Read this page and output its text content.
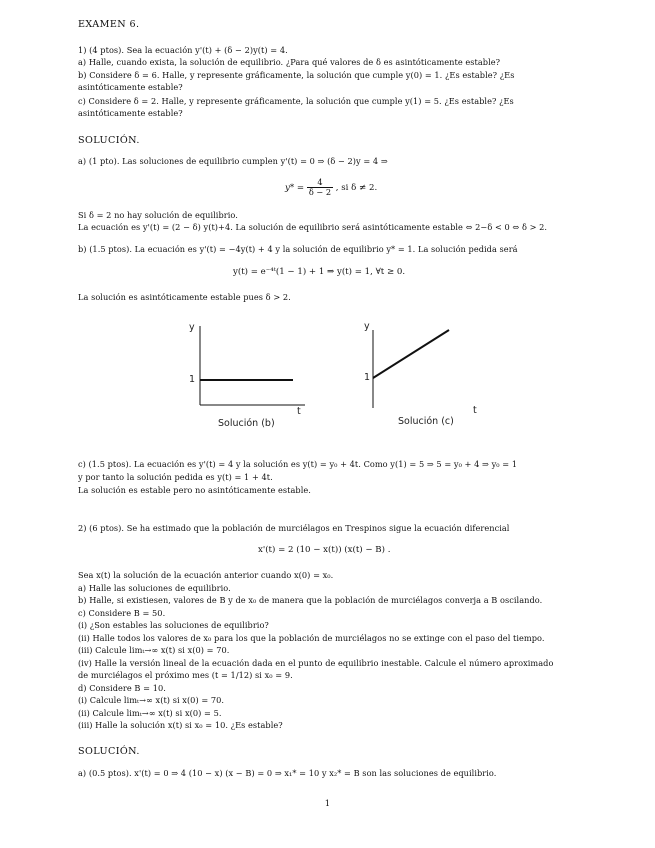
EXAMEN 6.
1) (4 ptos). Sea la ecuación y'(t) + (δ − 2)y(t) = 4.
a) Halle, cuando exista, la solución de equilibrio. ¿Para qué valores de δ es asintóticamente estable?
b) Considere δ = 6. Halle, y represente gráficamente, la solución que cumple y(0) = 1. ¿Es estable? ¿Es
asintóticamente estable?
c) Considere δ = 2. Halle, y represente gráficamente, la solución que cumple y(1) = 5. ¿Es estable? ¿Es
asintóticamente estable?
SOLUCIÓN.
a) (1 pto). Las soluciones de equilibrio cumplen y'(t) = 0 ⇒ (δ − 2)y = 4 ⇒
$y* = \frac{4}{\delta - 2}$ , si δ ≠ 2.
Si δ = 2 no hay solución de equilibrio.
La ecuación es y'(t) = (2 − δ) y(t)+4. La solución de equilibrio será asintóticamente estable ⇔ 2−δ < 0 ⇔ δ > 2.
b) (1.5 ptos). La ecuación es y'(t) = −4y(t) + 4 y la solución de equilibrio y* = 1. La solución pedida será
y(t) = e⁻⁴ᵗ(1 − 1) + 1 ⇒ y(t) = 1, ∀t ≥ 0.
La solución es asintóticamente estable pues δ > 2.
y
1
t
Solución (b)
y
1
t
Solución (c)
c) (1.5 ptos). La ecuación es y'(t) = 4 y la solución es y(t) = y₀ + 4t. Como y(1) = 5 ⇒ 5 = y₀ + 4 ⇒ y₀ = 1
y por tanto la solución pedida es y(t) = 1 + 4t.
La solución es estable pero no asintóticamente estable.
2) (6 ptos). Se ha estimado que la población de murciélagos en Trespinos sigue la ecuación diferencial
x'(t) = 2 (10 − x(t)) (x(t) − B) .
Sea x(t) la solución de la ecuación anterior cuando x(0) = x₀.
a) Halle las soluciones de equilibrio.
b) Halle, si existiesen, valores de B y de x₀ de manera que la población de murciélagos converja a B oscilando.
c) Considere B = 50.
(i) ¿Son estables las soluciones de equilibrio?
(ii) Halle todos los valores de x₀ para los que la población de murciélagos no se extinge con el paso del tiempo.
(iii) Calcule limₜ→∞ x(t) si x(0) = 70.
(iv) Halle la versión lineal de la ecuación dada en el punto de equilibrio inestable. Calcule el número aproximado
de murciélagos el próximo mes (t = 1/12) si x₀ = 9.
d) Considere B = 10.
(i) Calcule limₜ→∞ x(t) si x(0) = 70.
(ii) Calcule limₜ→∞ x(t) si x(0) = 5.
(iii) Halle la solución x(t) si x₀ = 10. ¿Es estable?
SOLUCIÓN.
a) (0.5 ptos). x'(t) = 0 ⇒ 4 (10 − x) (x − B) = 0 ⇒ x₁* = 10 y x₂* = B son las soluciones de equilibrio.
1
